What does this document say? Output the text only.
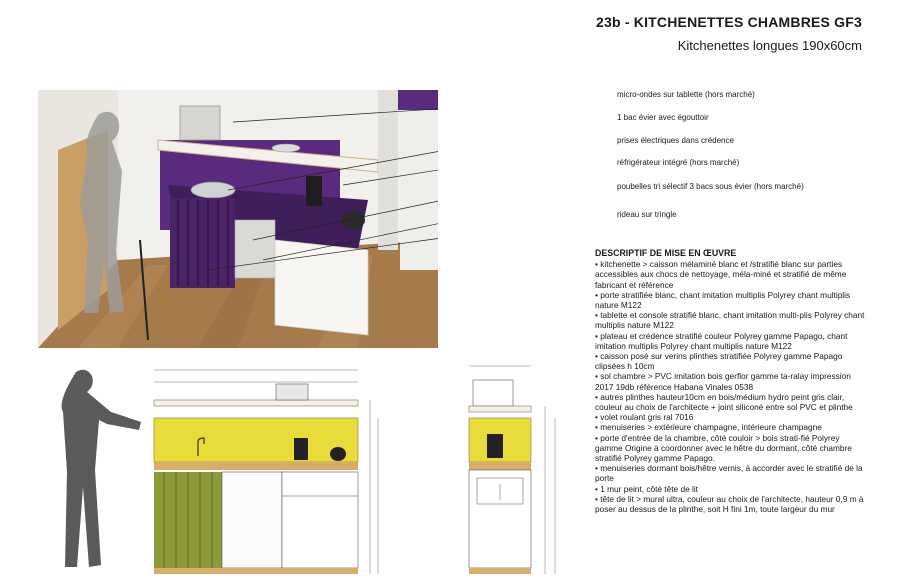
23b - KITCHENETTES CHAMBRES GF3
Kitchenettes longues 190x60cm
micro-ondes sur tablette (hors marché)
1 bac évier avec égouttoir
prises électriques dans crédence
réfrigérateur intégré (hors marché)
poubelles tri sélectif 3 bacs sous évier (hors marché)
rideau sur tringle
DESCRIPTIF DE MISE EN ŒUVRE

• kitchenette > caisson mélaminé blanc et /stratifié blanc sur parties accessibles aux chocs de nettoyage, méla-miné et stratifié de même fabricant et référence

• porte stratifiée blanc, chant imitation multiplis Polyrey chant multiplis nature M122

• tablette et console stratifié blanc, chant imitation multi-plis Polyrey chant multiplis nature M122

• plateau et crédence stratifié couleur Polyrey gamme Papago, chant imitation multiplis Polyrey chant multiplis nature M122

• caisson posé sur verins plinthes stratifiée Polyrey gamme Papago clipsées h 10cm

• sol chambre > PVC imitation bois gerflor gamme ta-ralay impression 2017 19db référence Habana Vinales 0538

• autres plinthes hauteur10cm en bois/médium hydro peint gris clair, couleur au choix de l'architecte + joint siliconé entre sol PVC et plinthe

• volet roulant gris ral 7016

• menuiseries > extérieure champagne, intérieure champagne

• porte d'entrée de la chambre, côté couloir > bois strati-fié Polyrey gamme Origine à coordonner avec le hêtre du dormant, côté chambre stratifié Polyrey gamme Papago.

• menuiseries dormant bois/hêtre vernis, à accorder avec le stratifié de la porte

• 1 mur peint, côté tête de lit

• tête de lit > mural ultra, couleur au choix de l'architecte, hauteur 0,9 m à poser au dessus de la plinthe, soit H fini 1m, toute largeur du mur
